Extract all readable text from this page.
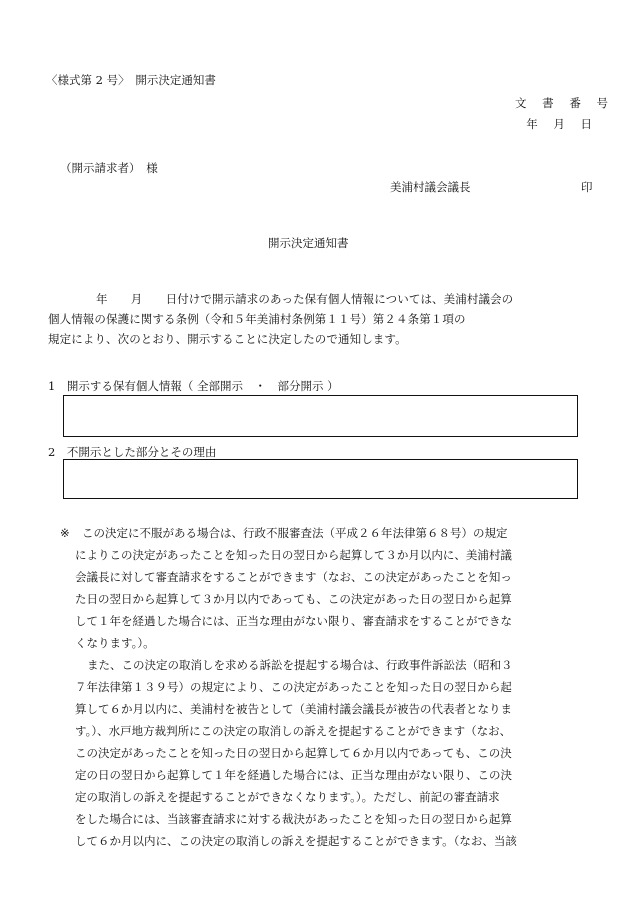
〈様式第 2 号〉　開示決定通知書
文 書 番 号
年 月 日
（開示請求者）　様
美浦村議会議長	印
開示決定通知書
年　　月　　日付けで開示請求のあった保有個人情報については、美浦村議会の
個人情報の保護に関する条例（令和５年美浦村条例第１１号）第２４条第１項の
規定により、次のとおり、開示することに決定したので通知します。
1　開示する保有個人情報（ 全部開示　・　部分開示 ）
2　不開示とした部分とその理由
※ この決定に不服がある場合は、行政不服審査法（平成２６年法律第６８号）の規定
によりこの決定があったことを知った日の翌日から起算して３か月以内に、美浦村議
会議長に対して審査請求をすることができます（なお、この決定があったことを知っ
た日の翌日から起算して３か月以内であっても、この決定があった日の翌日から起算
して１年を経過した場合には、正当な理由がない限り、審査請求をすることができな
くなります。）。
また、この決定の取消しを求める訴訟を提起する場合は、行政事件訴訟法（昭和３
７年法律第１３９号）の規定により、この決定があったことを知った日の翌日から起
算して６か月以内に、美浦村を被告として（美浦村議会議長が被告の代表者となりま
す。）、水戸地方裁判所にこの決定の取消しの訴えを提起することができます（なお、
この決定があったことを知った日の翌日から起算して６か月以内であっても、この決
定の日の翌日から起算して１年を経過した場合には、正当な理由がない限り、この決
定の取消しの訴えを提起することができなくなります。）。ただし、前記の審査請求
をした場合には、当該審査請求に対する裁決があったことを知った日の翌日から起算
して６か月以内に、この決定の取消しの訴えを提起することができます。（なお、当該
